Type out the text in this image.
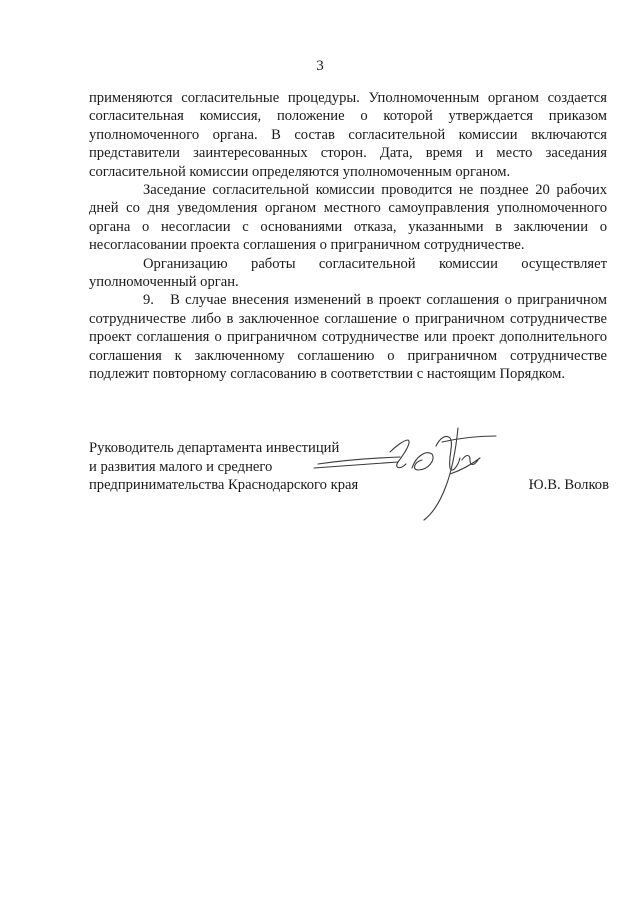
3

применяются согласительные процедуры. Уполномоченным органом создается согласительная комиссия, положение о которой утверждается приказом уполномоченного органа. В состав согласительной комиссии включаются представители заинтересованных сторон. Дата, время и место заседания согласительной комиссии определяются уполномоченным органом.

Заседание согласительной комиссии проводится не позднее 20 рабочих дней со дня уведомления органом местного самоуправления уполномоченного органа о несогласии с основаниями отказа, указанными в заключении о несогласовании проекта соглашения о приграничном сотрудничестве.

Организацию работы согласительной комиссии осуществляет уполномоченный орган.

9.   В случае внесения изменений в проект соглашения о приграничном сотрудничестве либо в заключенное соглашение о приграничном сотрудничестве проект соглашения о приграничном сотрудничестве или проект дополнительного соглашения к заключенному соглашению о приграничном сотрудничестве подлежит повторному согласованию в соответствии с настоящим Порядком.

Руководитель департамента инвестиций

и развития малого и среднего

предпринимательства Краснодарского края	Ю.В. Волков
